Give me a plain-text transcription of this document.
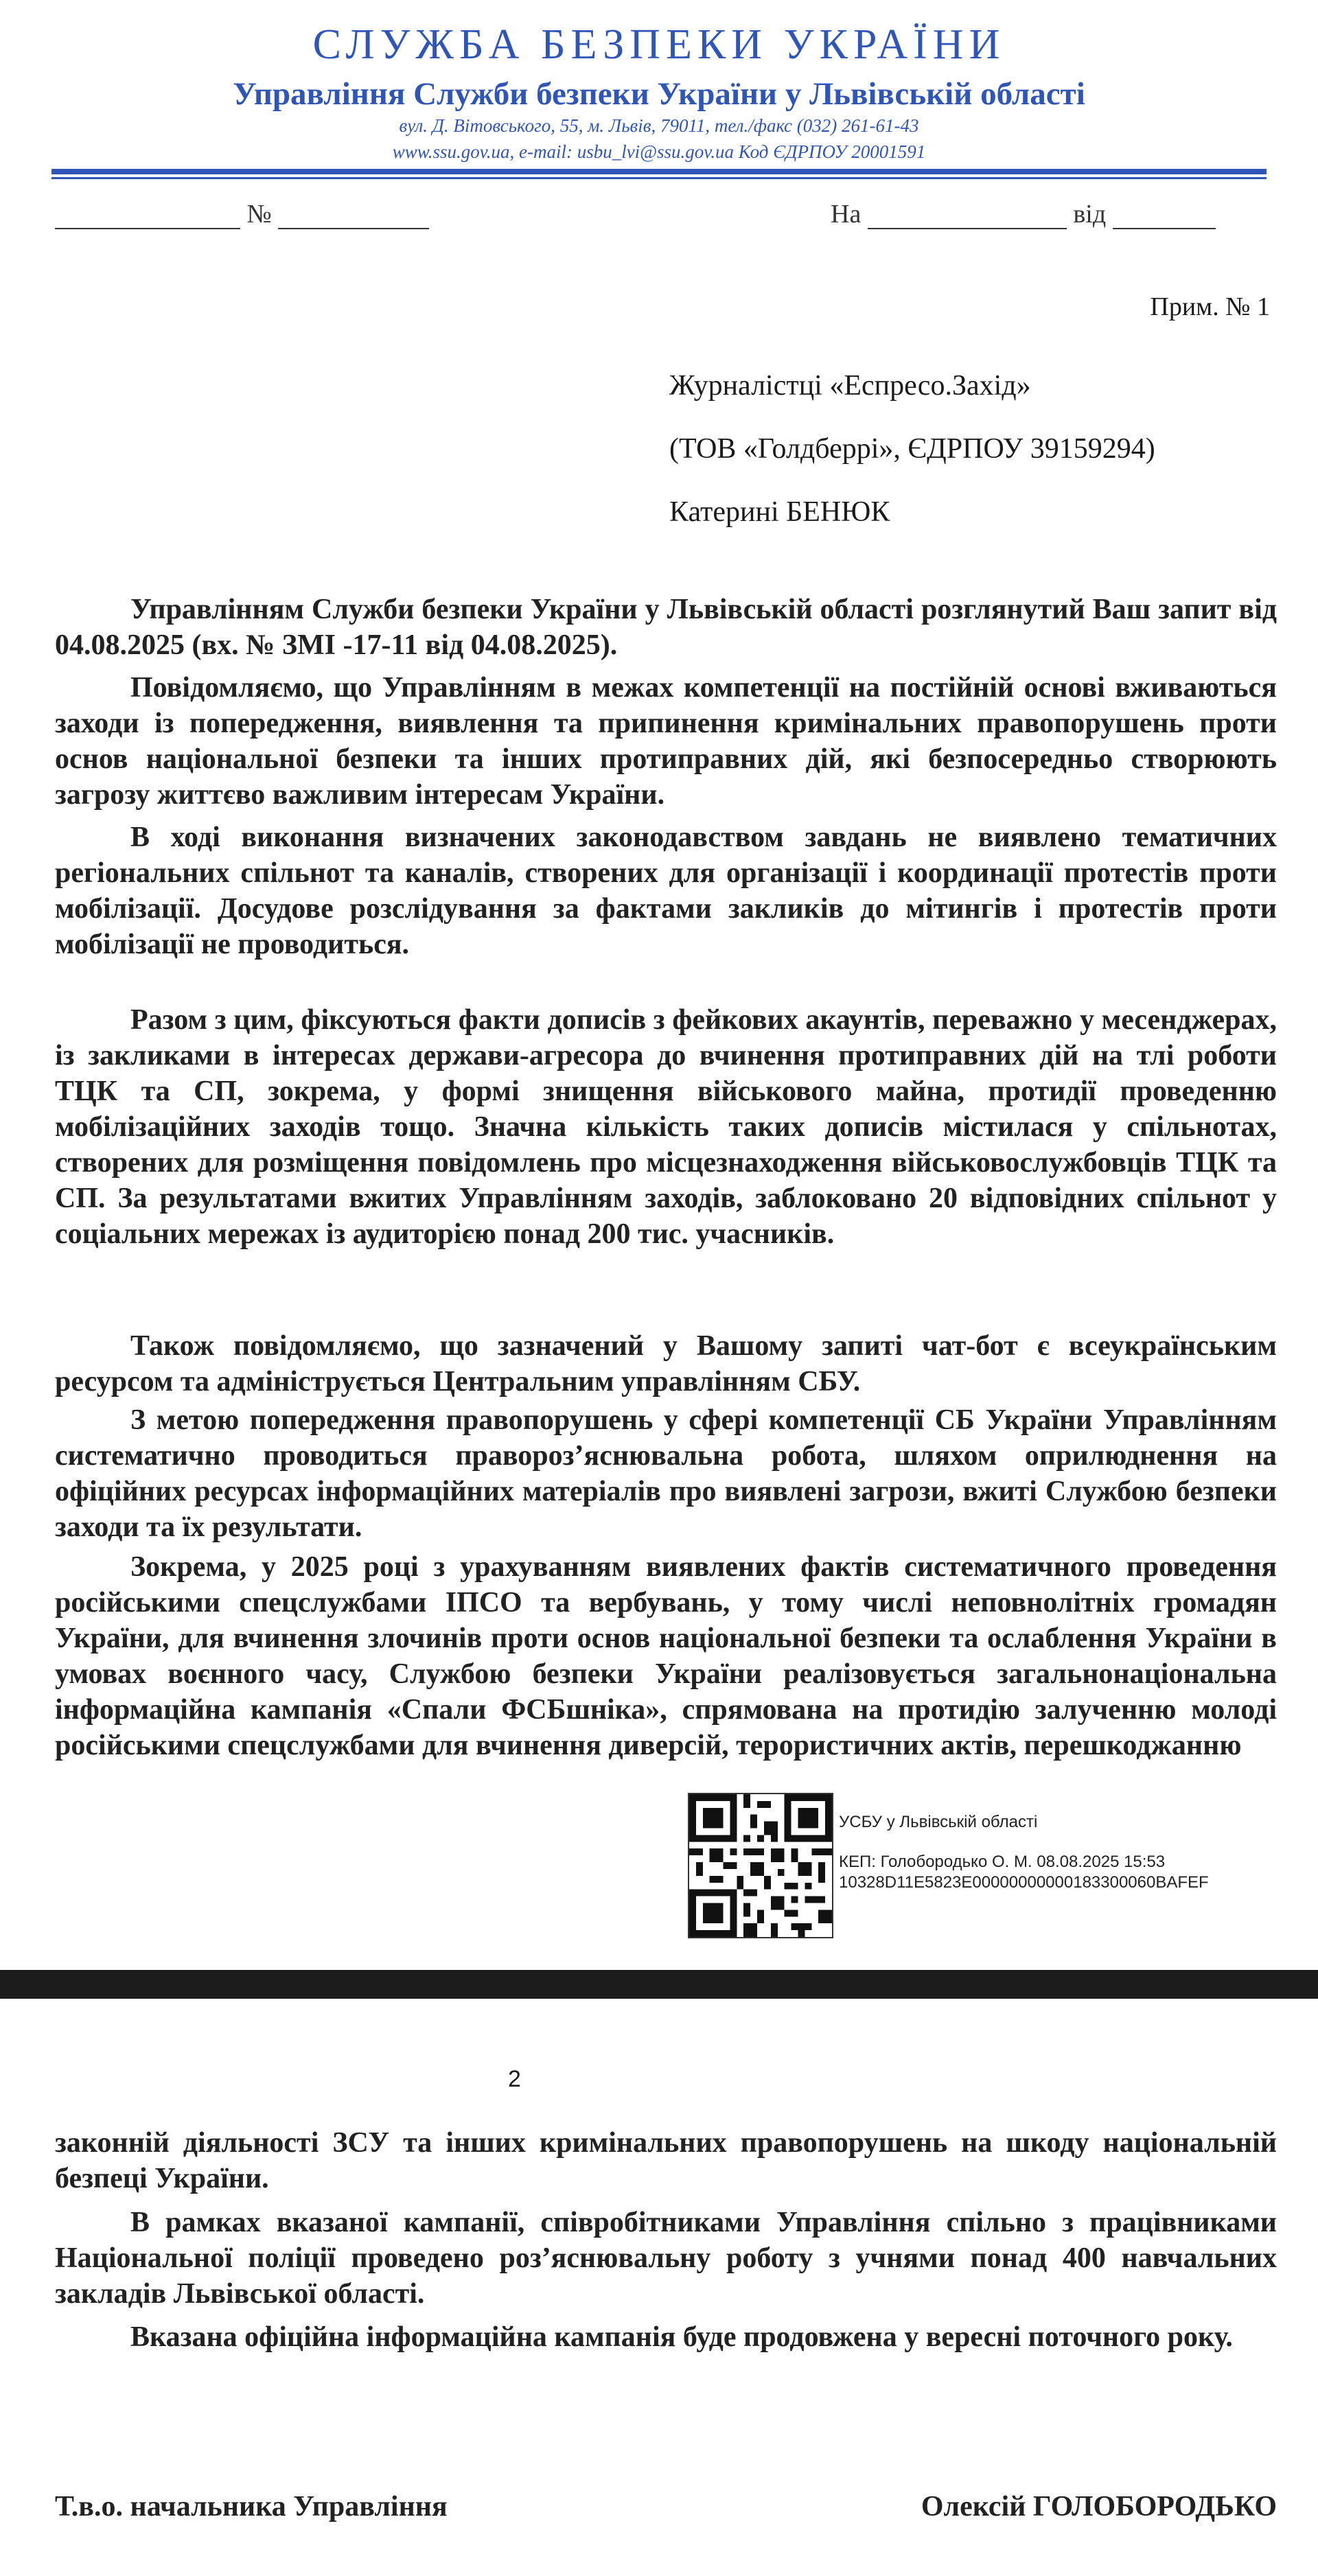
СЛУЖБА БЕЗПЕКИ УКРАЇНИ
Управління Служби безпеки України у Львівській області
вул. Д. Вітовського, 55, м. Львів, 79011, тел./факс (032) 261-61-43
www.ssu.gov.ua, e-mail: usbu_lvi@ssu.gov.ua Код ЄДРПОУ 20001591
№	На	від
Прим. № 1
Журналістці «Еспресо.Захід»
(ТОВ «Голдберрі», ЄДРПОУ 39159294)
Катерині БЕНЮК

Управлінням Служби безпеки України у Львівській області розглянутий Ваш запит від 04.08.2025 (вх. № ЗМІ -17-11 від 04.08.2025).

Повідомляємо, що Управлінням в межах компетенції на постійній основі вживаються заходи із попередження, виявлення та припинення кримінальних правопорушень проти основ національної безпеки та інших протиправних дій, які безпосередньо створюють загрозу життєво важливим інтересам України.

В ході виконання визначених законодавством завдань не виявлено тематичних регіональних спільнот та каналів, створених для організації і координації протестів проти мобілізації. Досудове розслідування за фактами закликів до мітингів і протестів проти мобілізації не проводиться.

Разом з цим, фіксуються факти дописів з фейкових акаунтів, переважно у месенджерах, із закликами в інтересах держави-агресора до вчинення протиправних дій на тлі роботи ТЦК та СП, зокрема, у формі знищення військового майна, протидії проведенню мобілізаційних заходів тощо. Значна кількість таких дописів містилася у спільнотах, створених для розміщення повідомлень про місцезнаходження військовослужбовців ТЦК та СП. За результатами вжитих Управлінням заходів, заблоковано 20 відповідних спільнот у соціальних мережах із аудиторією понад 200 тис. учасників.

Також повідомляємо, що зазначений у Вашому запиті чат-бот є всеукраїнським ресурсом та адмініструється Центральним управлінням СБУ.

З метою попередження правопорушень у сфері компетенції СБ України Управлінням систематично проводиться правороз’яснювальна робота, шляхом оприлюднення на офіційних ресурсах інформаційних матеріалів про виявлені загрози, вжиті Службою безпеки заходи та їх результати.

Зокрема, у 2025 році з урахуванням виявлених фактів систематичного проведення російськими спецслужбами ІПСО та вербувань, у тому числі неповнолітніх громадян України, для вчинення злочинів проти основ національної безпеки та ослаблення України в умовах воєнного часу, Службою безпеки України реалізовується загальнонаціональна інформаційна кампанія «Спали ФСБшніка», спрямована на протидію залученню молоді російськими спецслужбами для вчинення диверсій, терористичних актів, перешкоджанню

УСБУ у Львівській області
КЕП: Голобородько О. М. 08.08.2025 15:53
10328D11E5823E00000000000183300060BAFEF
2

законній діяльності ЗСУ та інших кримінальних правопорушень на шкоду національній безпеці України.

В рамках вказаної кампанії, співробітниками Управління спільно з працівниками Національної поліції проведено роз’яснювальну роботу з учнями понад 400 навчальних закладів Львівської області.

Вказана офіційна інформаційна кампанія буде продовжена у вересні поточного року.

Т.в.о. начальника Управління	Олексій ГОЛОБОРОДЬКО
